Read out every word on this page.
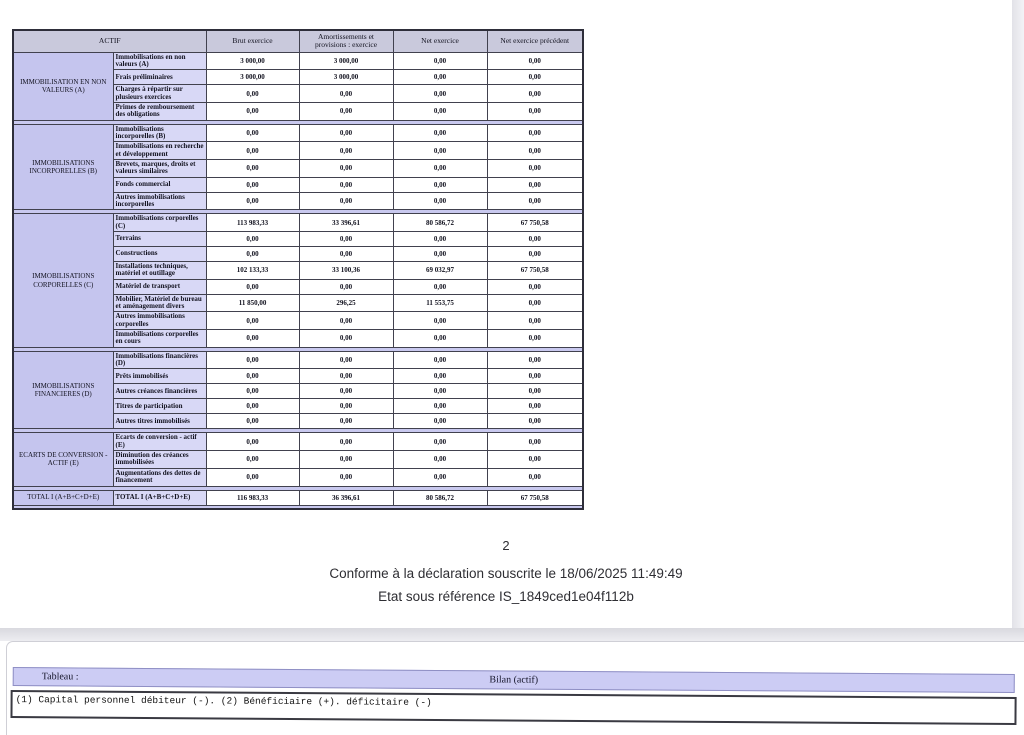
ACTIF		Brut exercice	Amortissements et provisions : exercice	Net exercice	Net exercice précédent
IMMOBILISATION EN NON VALEURS (A)	Immobilisations en non valeurs (A)	3 000,00	3 000,00	0,00	0,00
	Frais préliminaires	3 000,00	3 000,00	0,00	0,00
	Charges à répartir sur plusieurs exercices	0,00	0,00	0,00	0,00
	Primes de remboursement des obligations	0,00	0,00	0,00	0,00

IMMOBILISATIONS INCORPORELLES (B)	Immobilisations incorporelles (B)	0,00	0,00	0,00	0,00
	Immobilisations en recherche et développement	0,00	0,00	0,00	0,00
	Brevets, marques, droits et valeurs similaires	0,00	0,00	0,00	0,00
	Fonds commercial	0,00	0,00	0,00	0,00
	Autres immobilisations incorporelles	0,00	0,00	0,00	0,00

IMMOBILISATIONS CORPORELLES (C)	Immobilisations corporelles (C)	113 983,33	33 396,61	80 586,72	67 750,58
	Terrains	0,00	0,00	0,00	0,00
	Constructions	0,00	0,00	0,00	0,00
	Installations techniques, matériel et outillage	102 133,33	33 100,36	69 032,97	67 750,58
	Matériel de transport	0,00	0,00	0,00	0,00
	Mobilier, Matériel de bureau et aménagement divers	11 850,00	296,25	11 553,75	0,00
	Autres immobilisations corporelles	0,00	0,00	0,00	0,00
	Immobilisations corporelles en cours	0,00	0,00	0,00	0,00

IMMOBILISATIONS FINANCIERES (D)	Immobilisations financières (D)	0,00	0,00	0,00	0,00
	Prêts immobilisés	0,00	0,00	0,00	0,00
	Autres créances financières	0,00	0,00	0,00	0,00
	Titres de participation	0,00	0,00	0,00	0,00
	Autres titres immobilisés	0,00	0,00	0,00	0,00

ECARTS DE CONVERSION - ACTIF (E)	Ecarts de conversion - actif (E)	0,00	0,00	0,00	0,00
	Diminution des créances immobilisées	0,00	0,00	0,00	0,00
	Augmentations des dettes de financement	0,00	0,00	0,00	0,00

TOTAL I (A+B+C+D+E)	TOTAL I (A+B+C+D+E)	116 983,33	36 396,61	80 586,72	67 750,58

2
Conforme à la déclaration souscrite le 18/06/2025 11:49:49
Etat sous référence IS_1849ced1e04f112b
Tableau :	Bilan (actif)
(1) Capital personnel débiteur (-). (2) Bénéficiaire (+). déficitaire (-)
